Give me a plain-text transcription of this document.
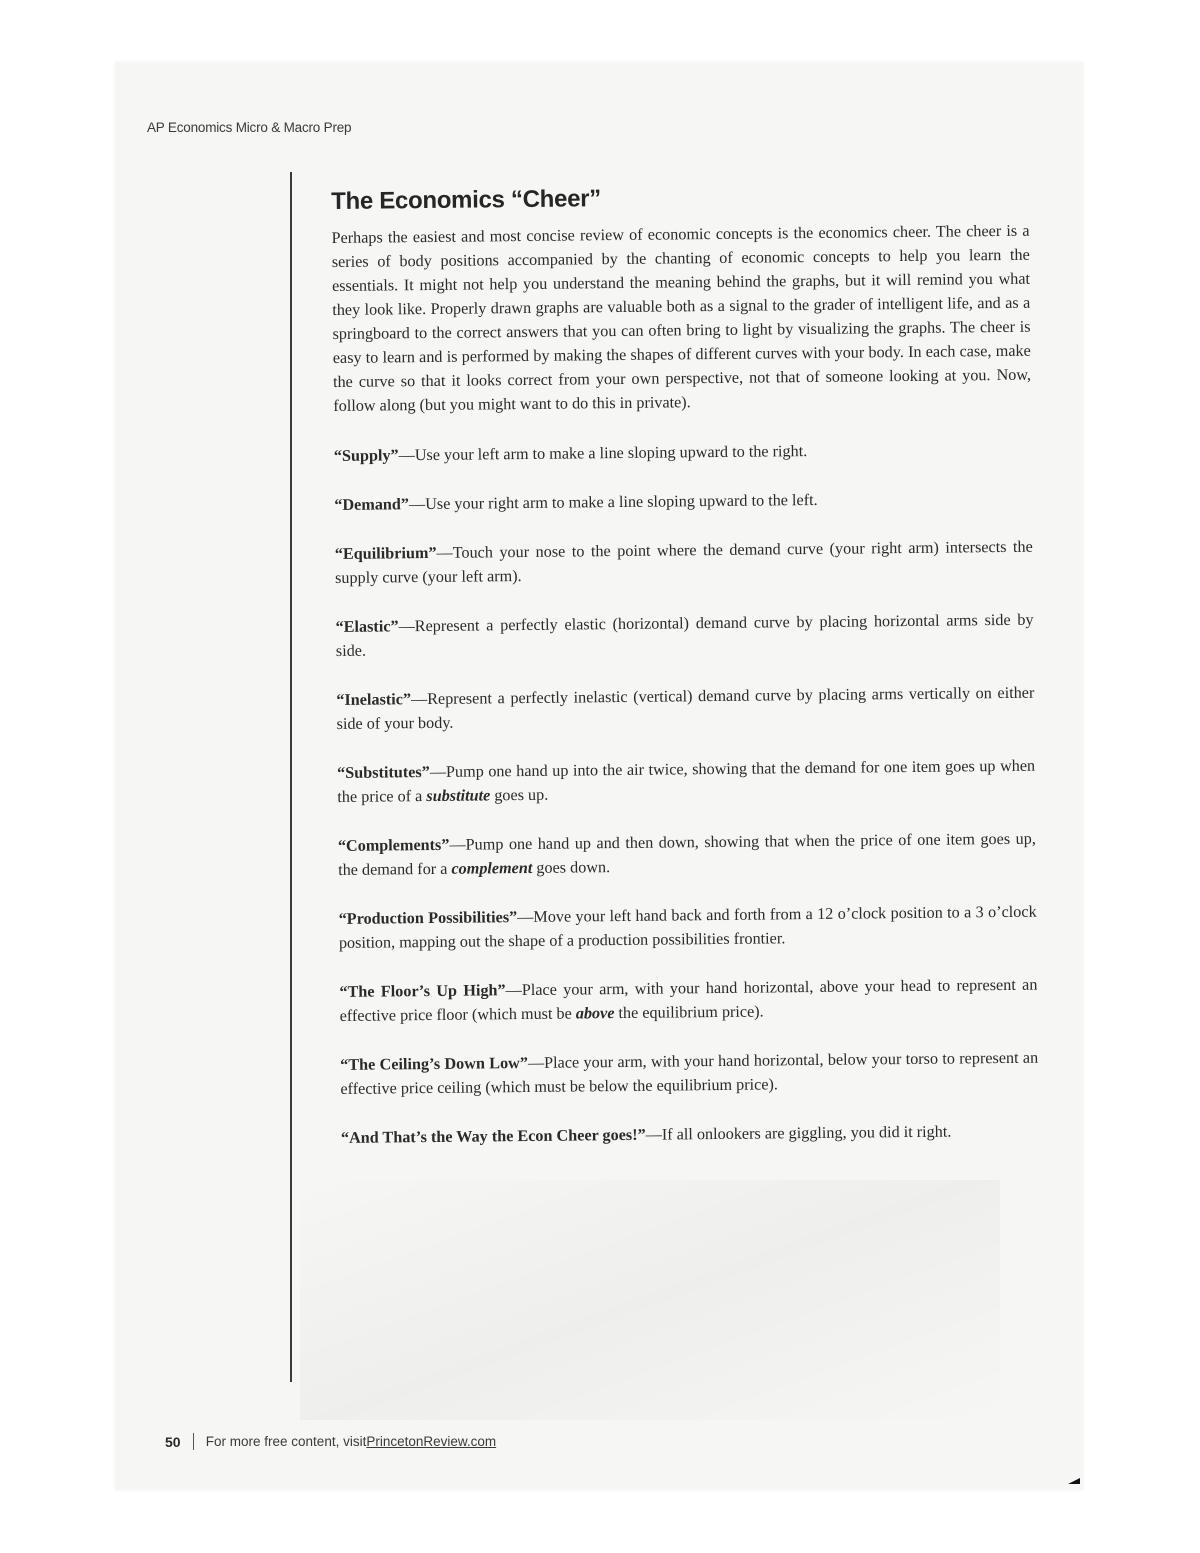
AP Economics Micro & Macro Prep
The Economics “Cheer”

Perhaps the easiest and most concise review of economic concepts is the economics cheer. The cheer is a series of body positions accompanied by the chanting of economic concepts to help you learn the essentials. It might not help you understand the meaning behind the graphs, but it will remind you what they look like. Properly drawn graphs are valuable both as a signal to the grader of intelligent life, and as a springboard to the correct answers that you can often bring to light by visualizing the graphs. The cheer is easy to learn and is performed by making the shapes of different curves with your body. In each case, make the curve so that it looks correct from your own perspective, not that of someone looking at you. Now, follow along (but you might want to do this in private).

“Supply”—Use your left arm to make a line sloping upward to the right.

“Demand”—Use your right arm to make a line sloping upward to the left.

“Equilibrium”—Touch your nose to the point where the demand curve (your right arm) intersects the supply curve (your left arm).

“Elastic”—Represent a perfectly elastic (horizontal) demand curve by placing horizontal arms side by side.

“Inelastic”—Represent a perfectly inelastic (vertical) demand curve by placing arms vertically on either side of your body.

“Substitutes”—Pump one hand up into the air twice, showing that the demand for one item goes up when the price of a substitute goes up.

“Complements”—Pump one hand up and then down, showing that when the price of one item goes up, the demand for a complement goes down.

“Production Possibilities”—Move your left hand back and forth from a 12 o’clock position to a 3 o’clock position, mapping out the shape of a production possibilities frontier.

“The Floor’s Up High”—Place your arm, with your hand horizontal, above your head to represent an effective price floor (which must be above the equilibrium price).

“The Ceiling’s Down Low”—Place your arm, with your hand horizontal, below your torso to represent an effective price ceiling (which must be below the equilibrium price).

“And That’s the Way the Econ Cheer goes!”—If all onlookers are giggling, you did it right.

50 For more free content, visit PrincetonReview.com
